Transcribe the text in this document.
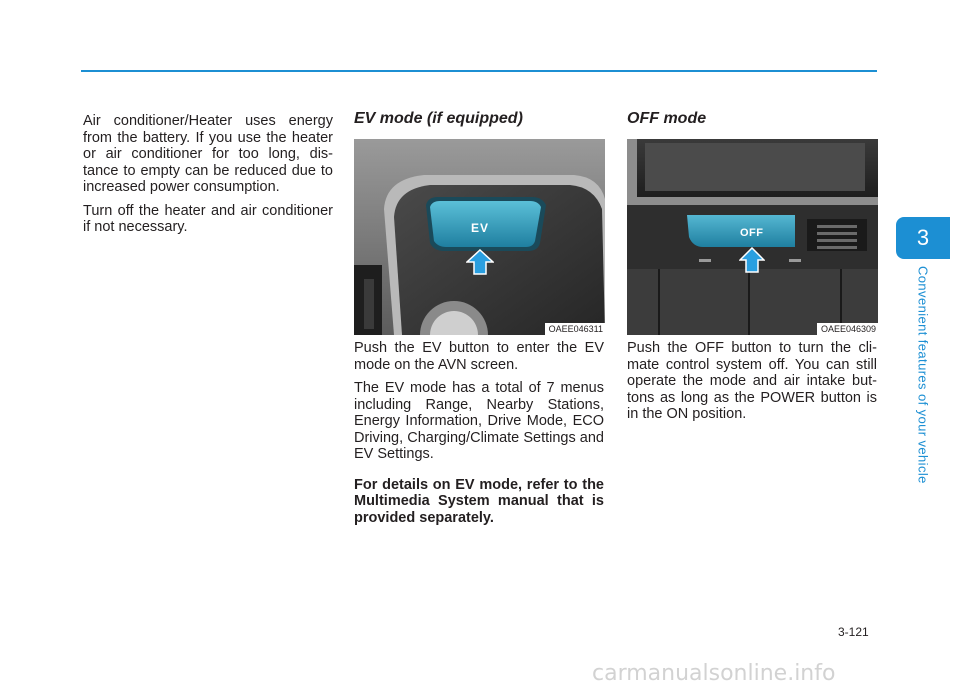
Air conditioner/Heater uses energy from the battery. If you use the heater or air conditioner for too long, dis- tance to empty can be reduced due to increased power consumption.

Turn off the heater and air conditioner if not necessary.

EV mode (if equipped)
EV
OAEE046311

Push the EV button to enter the EV mode on the AVN screen.

The EV mode has a total of 7 menus including Range, Nearby Stations, Energy Information, Drive Mode, ECO Driving, Charging/Climate Settings and EV Settings.

For details on EV mode, refer to the Multimedia System manual that is provided separately.

OFF mode
OFF
OAEE046309

Push the OFF button to turn the cli- mate control system off. You can still operate the mode and air intake but- tons as long as the POWER button is in the ON position.

3
Convenient features of your vehicle
3-121
carmanualsonline.info
